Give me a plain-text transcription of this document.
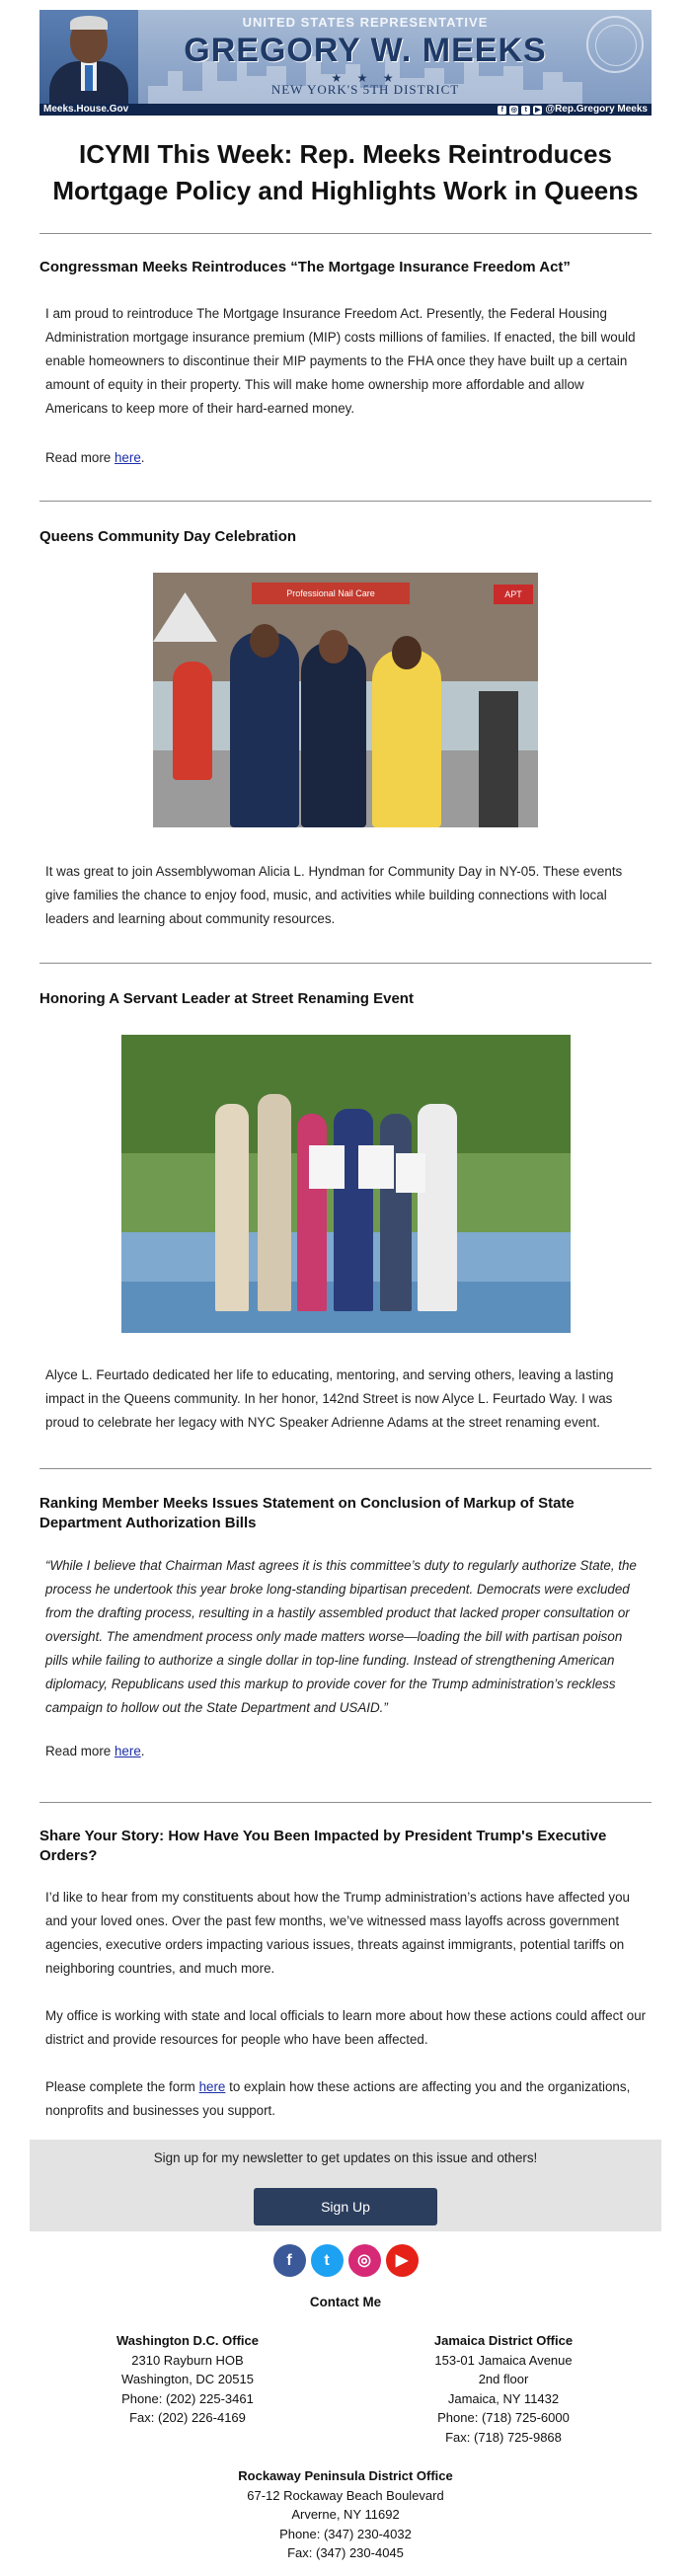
UNITED STATES REPRESENTATIVE
GREGORY W. MEEKS
★ ★ ★
NEW YORK'S 5TH DISTRICT
Meeks.House.Gov	f	◎	t	▶ @Rep.Gregory Meeks
ICYMI This Week: Rep. Meeks Reintroduces Mortgage Policy and Highlights Work in Queens
Congressman Meeks Reintroduces “The Mortgage Insurance Freedom Act”
I am proud to reintroduce The Mortgage Insurance Freedom Act. Presently, the Federal Housing Administration mortgage insurance premium (MIP) costs millions of families. If enacted, the bill would enable homeowners to discontinue their MIP payments to the FHA once they have built up a certain amount of equity in their property. This will make home ownership more affordable and allow Americans to keep more of their hard-earned money.
Read more here.
Queens Community Day Celebration
Professional Nail Care	APT
It was great to join Assemblywoman Alicia L. Hyndman for Community Day in NY-05. These events give families the chance to enjoy food, music, and activities while building connections with local leaders and learning about community resources.
Honoring A Servant Leader at Street Renaming Event
Alyce L. Feurtado dedicated her life to educating, mentoring, and serving others, leaving a lasting impact in the Queens community. In her honor, 142nd Street is now Alyce L. Feurtado Way. I was proud to celebrate her legacy with NYC Speaker Adrienne Adams at the street renaming event.
Ranking Member Meeks Issues Statement on Conclusion of Markup of State Department Authorization Bills
“While I believe that Chairman Mast agrees it is this committee’s duty to regularly authorize State, the process he undertook this year broke long-standing bipartisan precedent. Democrats were excluded from the drafting process, resulting in a hastily assembled product that lacked proper consultation or oversight. The amendment process only made matters worse—loading the bill with partisan poison pills while failing to authorize a single dollar in top-line funding. Instead of strengthening American diplomacy, Republicans used this markup to provide cover for the Trump administration’s reckless campaign to hollow out the State Department and USAID.”
Read more here.
Share Your Story: How Have You Been Impacted by President Trump's Executive Orders?
I’d like to hear from my constituents about how the Trump administration’s actions have affected you and your loved ones. Over the past few months, we’ve witnessed mass layoffs across government agencies, executive orders impacting various issues, threats against immigrants, potential tariffs on neighboring countries, and much more.
My office is working with state and local officials to learn more about how these actions could affect our district and provide resources for people who have been affected.
Please complete the form here to explain how these actions are affecting you and the organizations, nonprofits and businesses you support.
Sign up for my newsletter to get updates on this issue and others!
Sign Up
f	t	◎	▶
Contact Me
Washington D.C. Office
2310 Rayburn HOB
Washington, DC 20515
Phone: (202) 225-3461
Fax: (202) 226-4169
Jamaica District Office
153-01 Jamaica Avenue
2nd floor
Jamaica, NY 11432
Phone: (718) 725-6000
Fax: (718) 725-9868
Rockaway Peninsula District Office
67-12 Rockaway Beach Boulevard
Arverne, NY 11692
Phone: (347) 230-4032
Fax: (347) 230-4045
